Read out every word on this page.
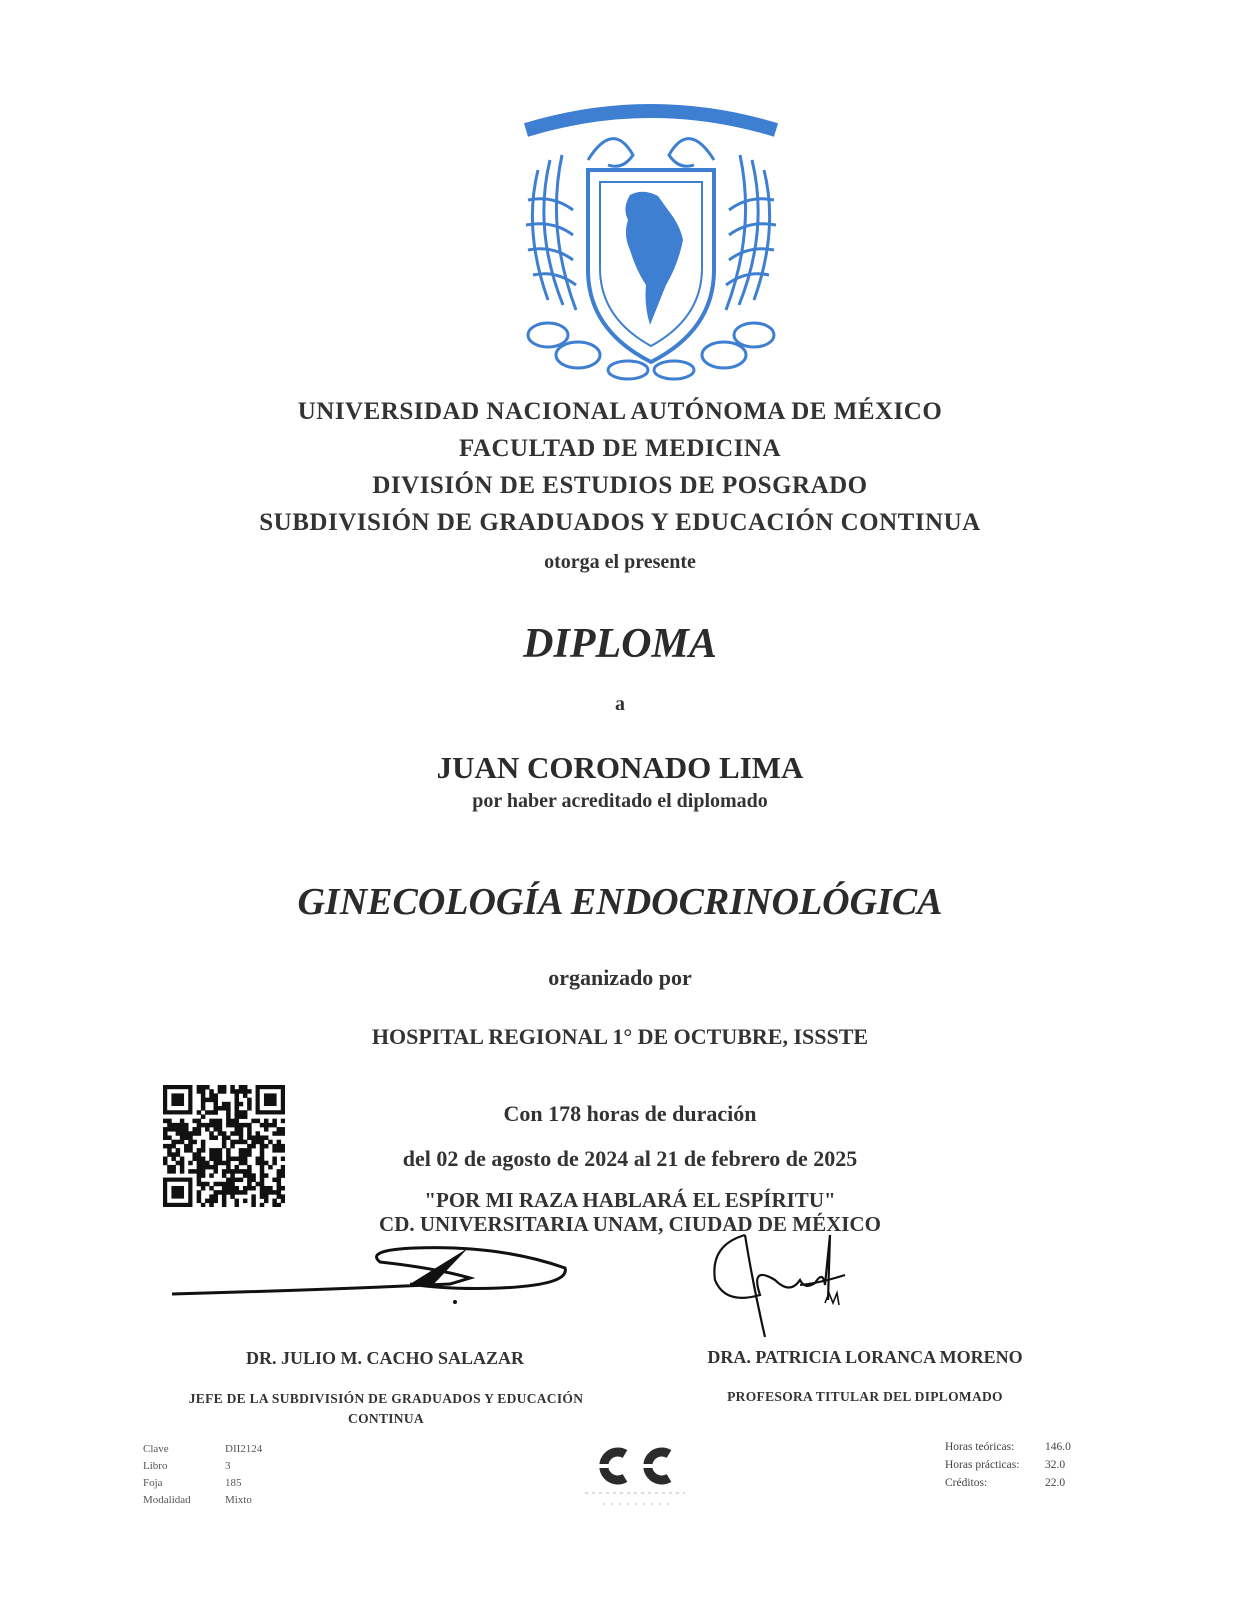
UNIVERSIDAD NACIONAL AUTÓNOMA DE MÉXICO
FACULTAD DE MEDICINA
DIVISIÓN DE ESTUDIOS DE POSGRADO
SUBDIVISIÓN DE GRADUADOS Y EDUCACIÓN CONTINUA
otorga el presente
DIPLOMA
a
JUAN CORONADO LIMA
por haber acreditado el diplomado
GINECOLOGÍA ENDOCRINOLÓGICA
organizado por
HOSPITAL REGIONAL 1° DE OCTUBRE, ISSSTE
Con 178 horas de duración
del 02 de agosto de 2024 al 21 de febrero de 2025
"POR MI RAZA HABLARÁ EL ESPÍRITU"
CD. UNIVERSITARIA UNAM, CIUDAD DE MÉXICO
DR. JULIO M. CACHO SALAZAR	DRA. PATRICIA LORANCA MORENO
JEFE DE LA SUBDIVISIÓN DE GRADUADOS Y EDUCACIÓN CONTINUA
PROFESORA TITULAR DEL DIPLOMADO
Clave	DII2124
Libro	3
Foja	185
Modalidad	Mixto
Horas teóricas:	146.0
Horas prácticas: 32.0
Créditos:	22.0
